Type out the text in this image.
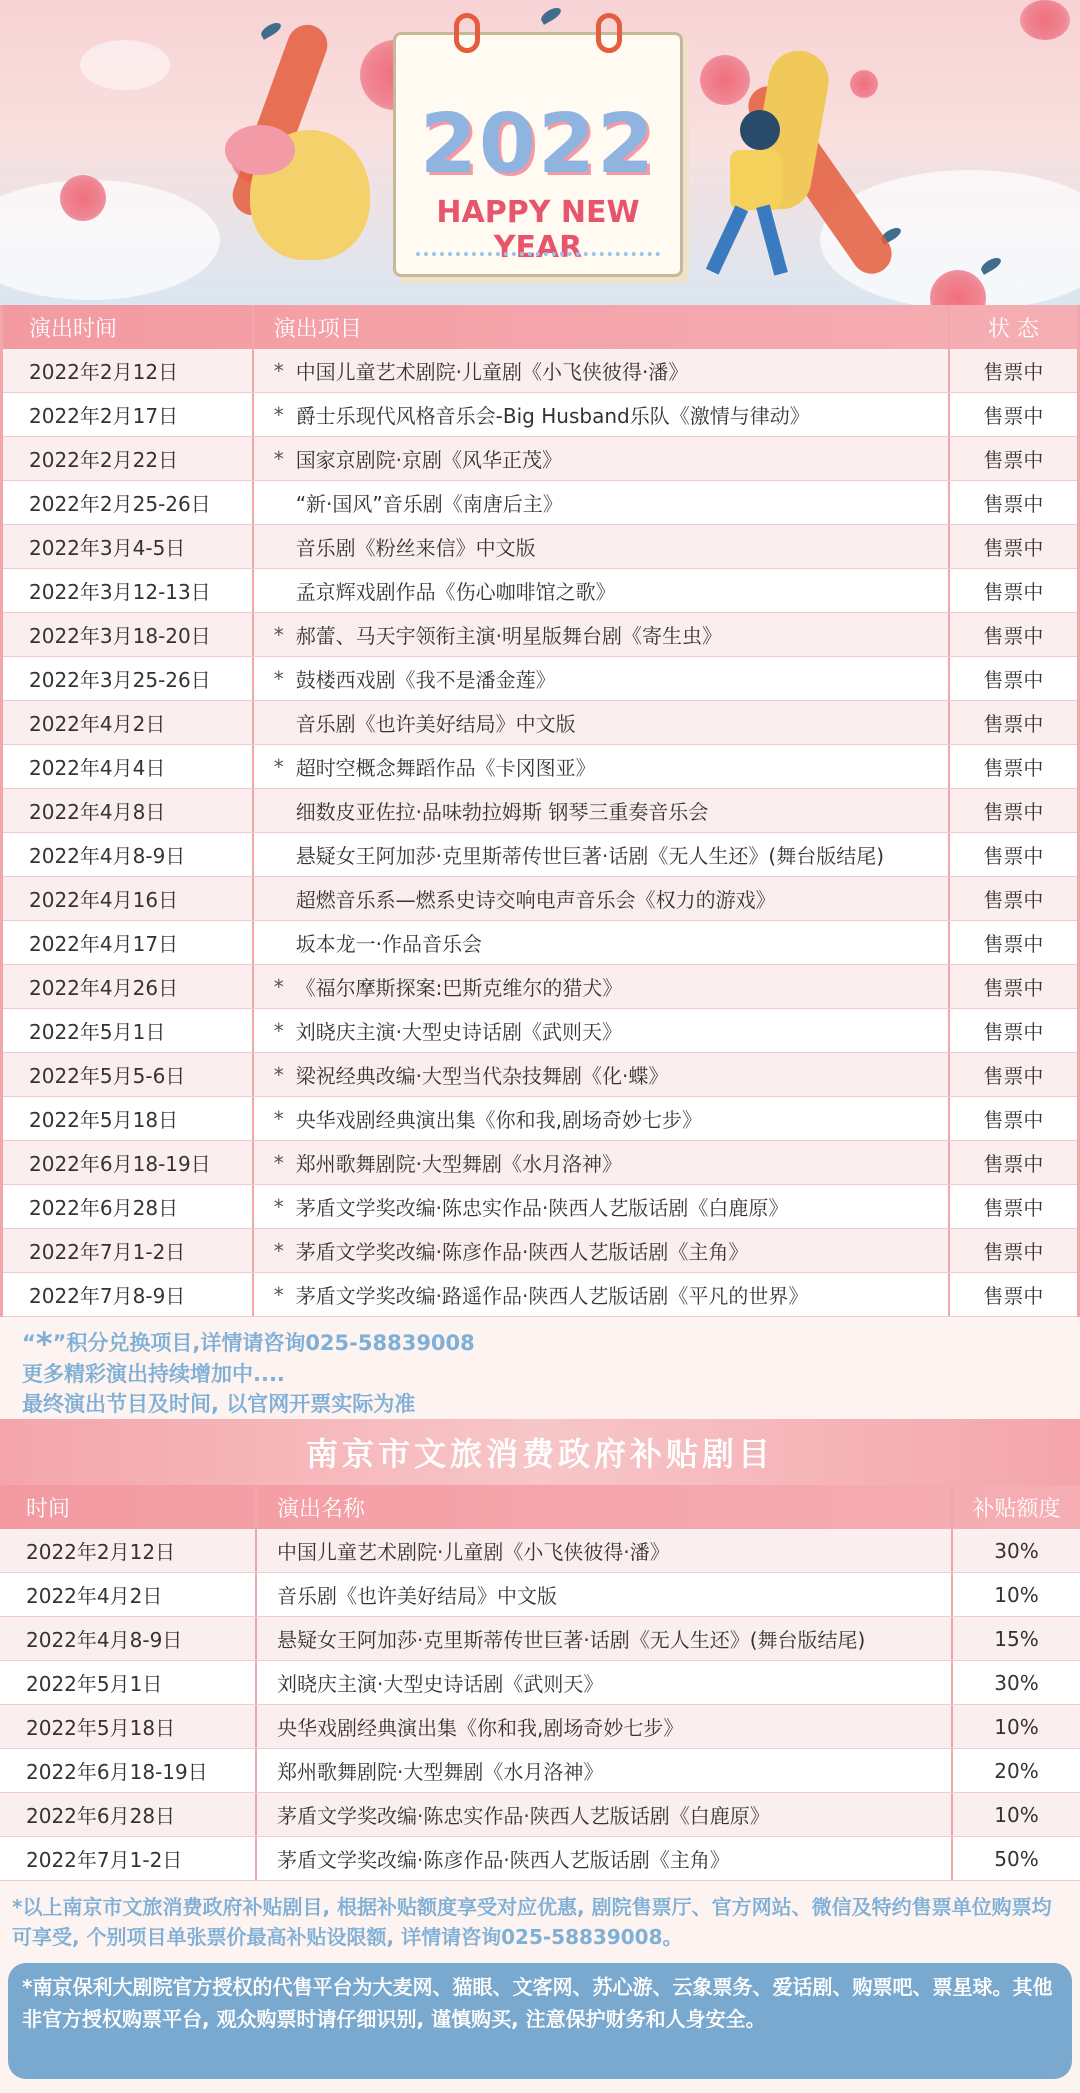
2022
HAPPY NEW YEAR
演出时间	演出项目	状 态
2022年2月12日	* 中国儿童艺术剧院·儿童剧《小飞侠彼得·潘》	售票中
2022年2月17日	* 爵士乐现代风格音乐会-Big Husband乐队《激情与律动》	售票中
2022年2月22日	* 国家京剧院·京剧《风华正茂》	售票中
2022年2月25-26日	“新·国风”音乐剧《南唐后主》	售票中
2022年3月4-5日	音乐剧《粉丝来信》中文版	售票中
2022年3月12-13日	孟京辉戏剧作品《伤心咖啡馆之歌》	售票中
2022年3月18-20日	* 郝蕾、马天宇领衔主演·明星版舞台剧《寄生虫》	售票中
2022年3月25-26日	* 鼓楼西戏剧《我不是潘金莲》	售票中
2022年4月2日	音乐剧《也许美好结局》中文版	售票中
2022年4月4日	* 超时空概念舞蹈作品《卡冈图亚》	售票中
2022年4月8日	细数皮亚佐拉·品味勃拉姆斯 钢琴三重奏音乐会	售票中
2022年4月8-9日	悬疑女王阿加莎·克里斯蒂传世巨著·话剧《无人生还》(舞台版结尾)	售票中
2022年4月16日	超燃音乐系—燃系史诗交响电声音乐会《权力的游戏》	售票中
2022年4月17日	坂本龙一·作品音乐会	售票中
2022年4月26日	* 《福尔摩斯探案:巴斯克维尔的猎犬》	售票中
2022年5月1日	* 刘晓庆主演·大型史诗话剧《武则天》	售票中
2022年5月5-6日	* 梁祝经典改编·大型当代杂技舞剧《化·蝶》	售票中
2022年5月18日	* 央华戏剧经典演出集《你和我,剧场奇妙七步》	售票中
2022年6月18-19日	* 郑州歌舞剧院·大型舞剧《水月洛神》	售票中
2022年6月28日	* 茅盾文学奖改编·陈忠实作品·陕西人艺版话剧《白鹿原》	售票中
2022年7月1-2日	* 茅盾文学奖改编·陈彦作品·陕西人艺版话剧《主角》	售票中
2022年7月8-9日	* 茅盾文学奖改编·路遥作品·陕西人艺版话剧《平凡的世界》	售票中
“*”积分兑换项目,详情请咨询025-58839008
更多精彩演出持续增加中....
最终演出节目及时间, 以官网开票实际为准
南京市文旅消费政府补贴剧目
时间	演出名称	补贴额度
2022年2月12日	中国儿童艺术剧院·儿童剧《小飞侠彼得·潘》	30%
2022年4月2日	音乐剧《也许美好结局》中文版	10%
2022年4月8-9日	悬疑女王阿加莎·克里斯蒂传世巨著·话剧《无人生还》(舞台版结尾)	15%
2022年5月1日	刘晓庆主演·大型史诗话剧《武则天》	30%
2022年5月18日	央华戏剧经典演出集《你和我,剧场奇妙七步》	10%
2022年6月18-19日	郑州歌舞剧院·大型舞剧《水月洛神》	20%
2022年6月28日	茅盾文学奖改编·陈忠实作品·陕西人艺版话剧《白鹿原》	10%
2022年7月1-2日	茅盾文学奖改编·陈彦作品·陕西人艺版话剧《主角》	50%
*以上南京市文旅消费政府补贴剧目, 根据补贴额度享受对应优惠, 剧院售票厅、官方网站、微信及特约售票单位购票均可享受, 个别项目单张票价最高补贴设限额, 详情请咨询025-58839008。
*南京保利大剧院官方授权的代售平台为大麦网、猫眼、文客网、苏心游、云象票务、爱话剧、购票吧、票星球。其他非官方授权购票平台, 观众购票时请仔细识别, 谨慎购买, 注意保护财务和人身安全。
